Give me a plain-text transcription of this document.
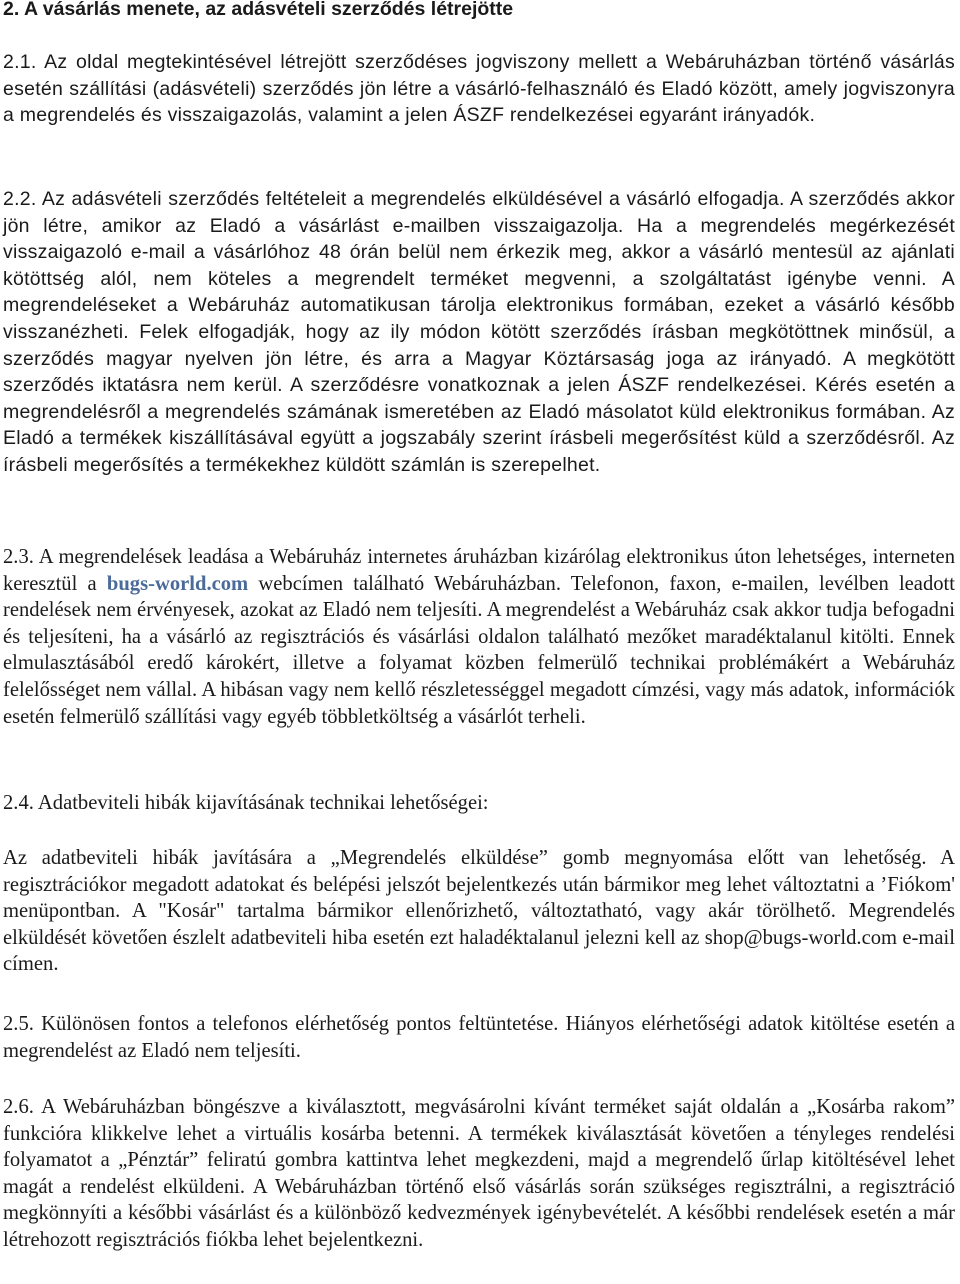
2. A vásárlás menete, az adásvételi szerződés létrejötte

2.1. Az oldal megtekintésével létrejött szerződéses jogviszony mellett a Webáruházban történő vásárlás esetén szállítási (adásvételi) szerződés jön létre a vásárló-felhasználó és Eladó között, amely jogviszonyra a megrendelés és visszaigazolás, valamint a jelen ÁSZF rendelkezései egyaránt irányadók.

2.2. Az adásvételi szerződés feltételeit a megrendelés elküldésével a vásárló elfogadja. A szerződés akkor jön létre, amikor az Eladó a vásárlást e-mailben visszaigazolja. Ha a megrendelés megérkezését visszaigazoló e-mail a vásárlóhoz 48 órán belül nem érkezik meg, akkor a vásárló mentesül az ajánlati kötöttség alól, nem köteles a megrendelt terméket megvenni, a szolgáltatást igénybe venni. A megrendeléseket a Webáruház automatikusan tárolja elektronikus formában, ezeket a vásárló később visszanézheti. Felek elfogadják, hogy az ily módon kötött szerződés írásban megkötöttnek minősül, a szerződés magyar nyelven jön létre, és arra a Magyar Köztársaság joga az irányadó. A megkötött szerződés iktatásra nem kerül. A szerződésre vonatkoznak a jelen ÁSZF rendelkezései. Kérés esetén a megrendelésről a megrendelés számának ismeretében az Eladó másolatot küld elektronikus formában. Az Eladó a termékek kiszállításával együtt a jogszabály szerint írásbeli megerősítést küld a szerződésről. Az írásbeli megerősítés a termékekhez küldött számlán is szerepelhet.

2.3. A megrendelések leadása a Webáruház internetes áruházban kizárólag elektronikus úton lehetséges, interneten keresztül a bugs-world.com webcímen található Webáruházban. Telefonon, faxon, e-mailen, levélben leadott rendelések nem érvényesek, azokat az Eladó nem teljesíti. A megrendelést a Webáruház csak akkor tudja befogadni és teljesíteni, ha a vásárló az regisztrációs és vásárlási oldalon található mezőket maradéktalanul kitölti. Ennek elmulasztásából eredő károkért, illetve a folyamat közben felmerülő technikai problémákért a Webáruház felelősséget nem vállal. A hibásan vagy nem kellő részletességgel megadott címzési, vagy más adatok, információk esetén felmerülő szállítási vagy egyéb többletköltség a vásárlót terheli.

2.4. Adatbeviteli hibák kijavításának technikai lehetőségei:

Az adatbeviteli hibák javítására a „Megrendelés elküldése” gomb megnyomása előtt van lehetőség. A regisztrációkor megadott adatokat és belépési jelszót bejelentkezés után bármikor meg lehet változtatni a ’Fiókom' menüpontban. A "Kosár" tartalma bármikor ellenőrizhető, változtatható, vagy akár törölhető. Megrendelés elküldését követően észlelt adatbeviteli hiba esetén ezt haladéktalanul jelezni kell az shop@bugs-world.com e-mail címen.

2.5. Különösen fontos a telefonos elérhetőség pontos feltüntetése. Hiányos elérhetőségi adatok kitöltése esetén a megrendelést az Eladó nem teljesíti.

2.6. A Webáruházban böngészve a kiválasztott, megvásárolni kívánt terméket saját oldalán a „Kosárba rakom” funkcióra klikkelve lehet a virtuális kosárba betenni. A termékek kiválasztását követően a tényleges rendelési folyamatot a „Pénztár” feliratú gombra kattintva lehet megkezdeni, majd a megrendelő űrlap kitöltésével lehet magát a rendelést elküldeni. A Webáruházban történő első vásárlás során szükséges regisztrálni, a regisztráció megkönnyíti a későbbi vásárlást és a különböző kedvezmények igénybevételét. A későbbi rendelések esetén a már létrehozott regisztrációs fiókba lehet bejelentkezni.
